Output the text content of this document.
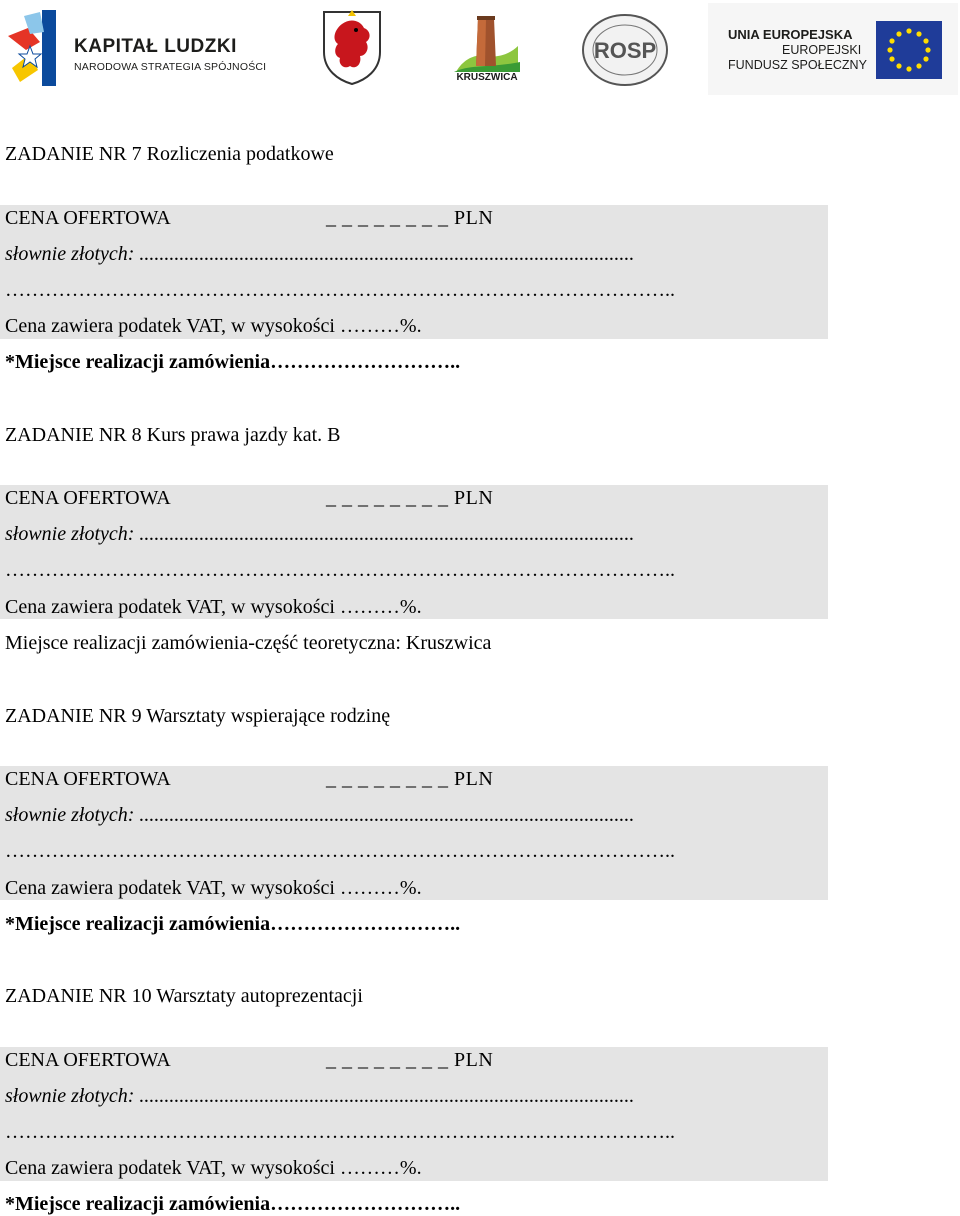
KAPITAŁ LUDZKI
NARODOWA STRATEGIA SPÓJNOŚCI
KRUSZWICA
ROSP
UNIA EUROPEJSKA
EUROPEJSKI
FUNDUSZ SPOŁECZNY
ZADANIE NR 7 Rozliczenia podatkowe
CENA OFERTOWA	_ _ _ _ _ _ _ _ PLN
słownie złotych: ...................................................................................................
………………………………………………………………………………………..
Cena zawiera podatek VAT, w wysokości ………%.
*Miejsce realizacji zamówienia………………………..
ZADANIE NR 8 Kurs prawa jazdy kat. B
CENA OFERTOWA	_ _ _ _ _ _ _ _ PLN
słownie złotych: ...................................................................................................
………………………………………………………………………………………..
Cena zawiera podatek VAT, w wysokości ………%.
Miejsce realizacji zamówienia-część teoretyczna: Kruszwica
ZADANIE NR 9 Warsztaty wspierające rodzinę
CENA OFERTOWA	_ _ _ _ _ _ _ _ PLN
słownie złotych: ...................................................................................................
………………………………………………………………………………………..
Cena zawiera podatek VAT, w wysokości ………%.
*Miejsce realizacji zamówienia………………………..
ZADANIE NR 10 Warsztaty autoprezentacji
CENA OFERTOWA	_ _ _ _ _ _ _ _ PLN
słownie złotych: ...................................................................................................
………………………………………………………………………………………..
Cena zawiera podatek VAT, w wysokości ………%.
*Miejsce realizacji zamówienia………………………..
